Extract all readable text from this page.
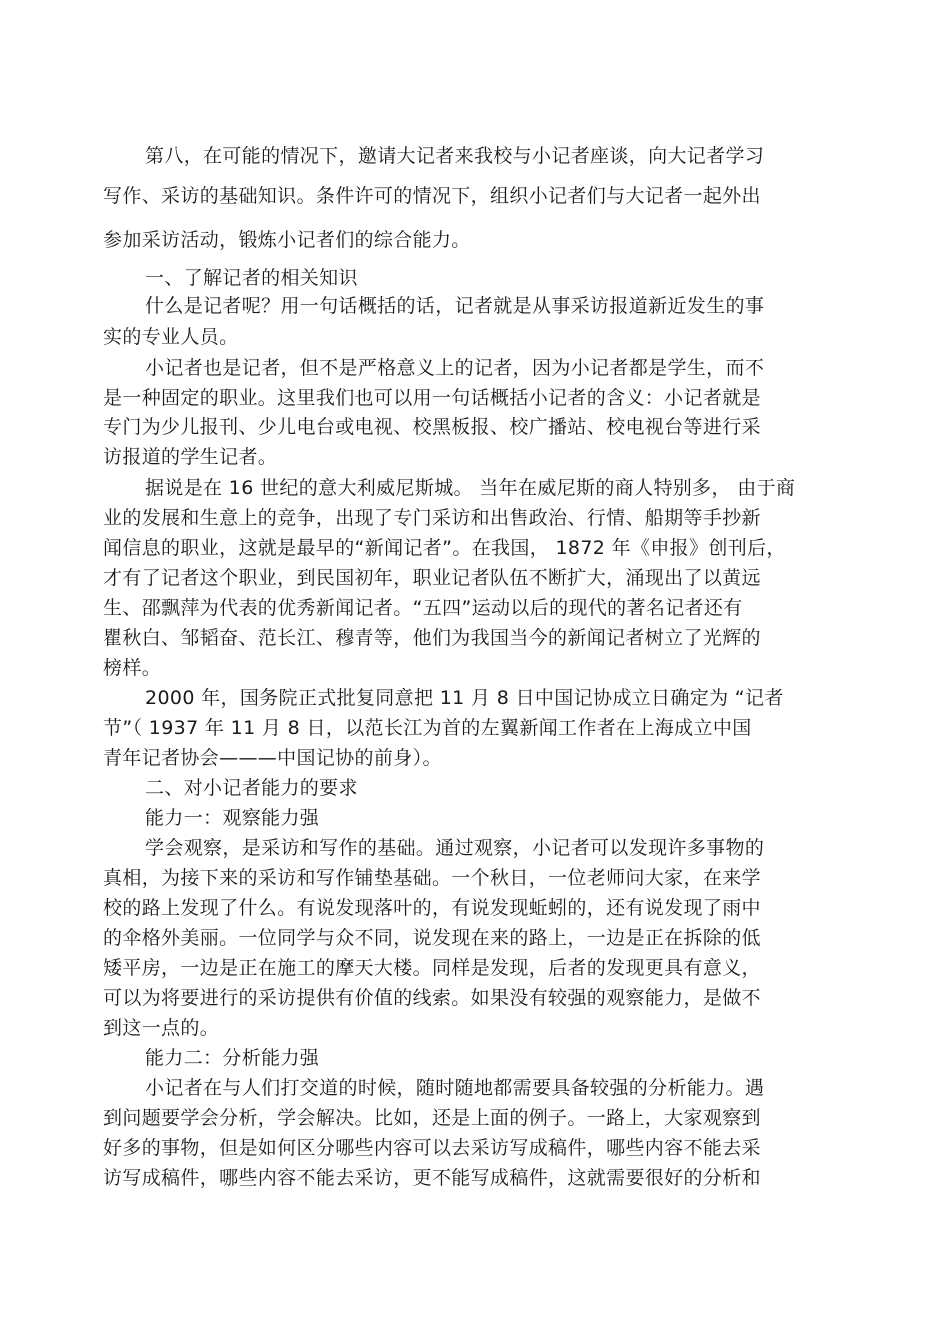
第八，在可能的情况下，邀请大记者来我校与小记者座谈，向大记者学习
写作、采访的基础知识。条件许可的情况下，组织小记者们与大记者一起外出
参加采访活动，锻炼小记者们的综合能力。
一、了解记者的相关知识
什么是记者呢？用一句话概括的话，记者就是从事采访报道新近发生的事
实的专业人员。
小记者也是记者，但不是严格意义上的记者，因为小记者都是学生，而不
是一种固定的职业。这里我们也可以用一句话概括小记者的含义：小记者就是
专门为少儿报刊、少儿电台或电视、校黑板报、校广播站、校电视台等进行采
访报道的学生记者。
据说是在 16 世纪的意大利威尼斯城。 当年在威尼斯的商人特别多， 由于商
业的发展和生意上的竞争，出现了专门采访和出售政治、行情、船期等手抄新
闻信息的职业，这就是最早的“新闻记者”。在我国， 1872 年《申报》创刊后，
才有了记者这个职业，到民国初年，职业记者队伍不断扩大，涌现出了以黄远
生、邵飘萍为代表的优秀新闻记者。“五四”运动以后的现代的著名记者还有
瞿秋白、邹韬奋、范长江、穆青等，他们为我国当今的新闻记者树立了光辉的
榜样。
2000 年，国务院正式批复同意把 11 月 8 日中国记协成立日确定为 “记者
节”（ 1937 年 11 月 8 日，以范长江为首的左翼新闻工作者在上海成立中国
青年记者协会———中国记协的前身）。
二、对小记者能力的要求
能力一：观察能力强
学会观察，是采访和写作的基础。通过观察，小记者可以发现许多事物的
真相，为接下来的采访和写作铺垫基础。一个秋日，一位老师问大家，在来学
校的路上发现了什么。有说发现落叶的，有说发现蚯蚓的，还有说发现了雨中
的伞格外美丽。一位同学与众不同，说发现在来的路上，一边是正在拆除的低
矮平房，一边是正在施工的摩天大楼。同样是发现，后者的发现更具有意义，
可以为将要进行的采访提供有价值的线索。如果没有较强的观察能力，是做不
到这一点的。
能力二：分析能力强
小记者在与人们打交道的时候，随时随地都需要具备较强的分析能力。遇
到问题要学会分析，学会解决。比如，还是上面的例子。一路上，大家观察到
好多的事物，但是如何区分哪些内容可以去采访写成稿件，哪些内容不能去采
访写成稿件，哪些内容不能去采访，更不能写成稿件，这就需要很好的分析和
